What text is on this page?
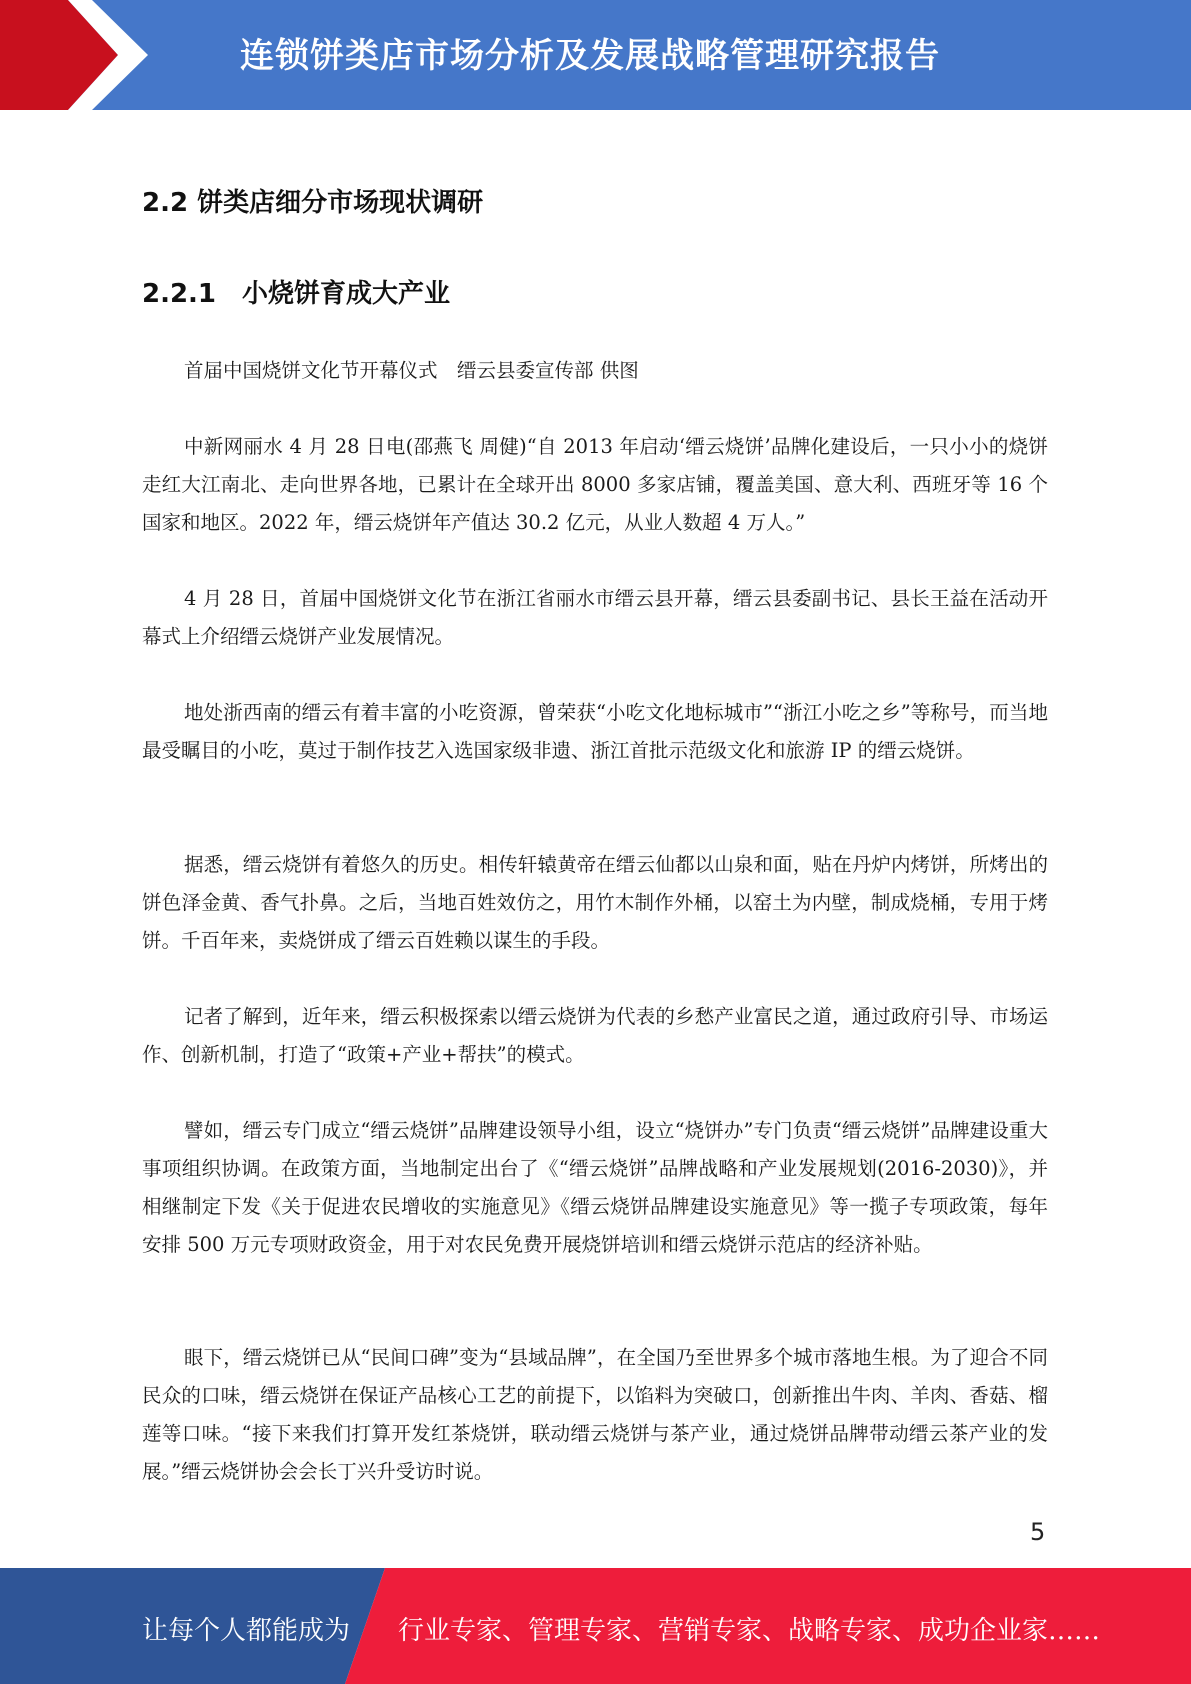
连锁饼类店市场分析及发展战略管理研究报告
2.2 饼类店细分市场现状调研
2.2.1　小烧饼育成大产业

首届中国烧饼文化节开幕仪式　缙云县委宣传部 供图

中新网丽水 4 月 28 日电(邵燕飞 周健)“自 2013 年启动‘缙云烧饼’品牌化建设后，一只小小的烧饼走红大江南北、走向世界各地，已累计在全球开出 8000 多家店铺，覆盖美国、意大利、西班牙等 16 个国家和地区。2022 年，缙云烧饼年产值达 30.2 亿元，从业人数超 4 万人。”

4 月 28 日，首届中国烧饼文化节在浙江省丽水市缙云县开幕，缙云县委副书记、县长王益在活动开幕式上介绍缙云烧饼产业发展情况。

地处浙西南的缙云有着丰富的小吃资源，曾荣获“小吃文化地标城市”“浙江小吃之乡”等称号，而当地最受瞩目的小吃，莫过于制作技艺入选国家级非遗、浙江首批示范级文化和旅游 IP 的缙云烧饼。

据悉，缙云烧饼有着悠久的历史。相传轩辕黄帝在缙云仙都以山泉和面，贴在丹炉内烤饼，所烤出的饼色泽金黄、香气扑鼻。之后，当地百姓效仿之，用竹木制作外桶，以窑土为内壁，制成烧桶，专用于烤饼。千百年来，卖烧饼成了缙云百姓赖以谋生的手段。

记者了解到，近年来，缙云积极探索以缙云烧饼为代表的乡愁产业富民之道，通过政府引导、市场运作、创新机制，打造了“政策+产业+帮扶”的模式。

譬如，缙云专门成立“缙云烧饼”品牌建设领导小组，设立“烧饼办”专门负责“缙云烧饼”品牌建设重大事项组织协调。在政策方面，当地制定出台了《“缙云烧饼”品牌战略和产业发展规划(2016-2030)》，并相继制定下发《关于促进农民增收的实施意见》《缙云烧饼品牌建设实施意见》等一揽子专项政策，每年安排 500 万元专项财政资金，用于对农民免费开展烧饼培训和缙云烧饼示范店的经济补贴。

眼下，缙云烧饼已从“民间口碑”变为“县域品牌”，在全国乃至世界多个城市落地生根。为了迎合不同民众的口味，缙云烧饼在保证产品核心工艺的前提下，以馅料为突破口，创新推出牛肉、羊肉、香菇、榴莲等口味。“接下来我们打算开发红茶烧饼，联动缙云烧饼与茶产业，通过烧饼品牌带动缙云茶产业的发展。”缙云烧饼协会会长丁兴升受访时说。

5
让每个人都能成为 行业专家、管理专家、营销专家、战略专家、成功企业家……
